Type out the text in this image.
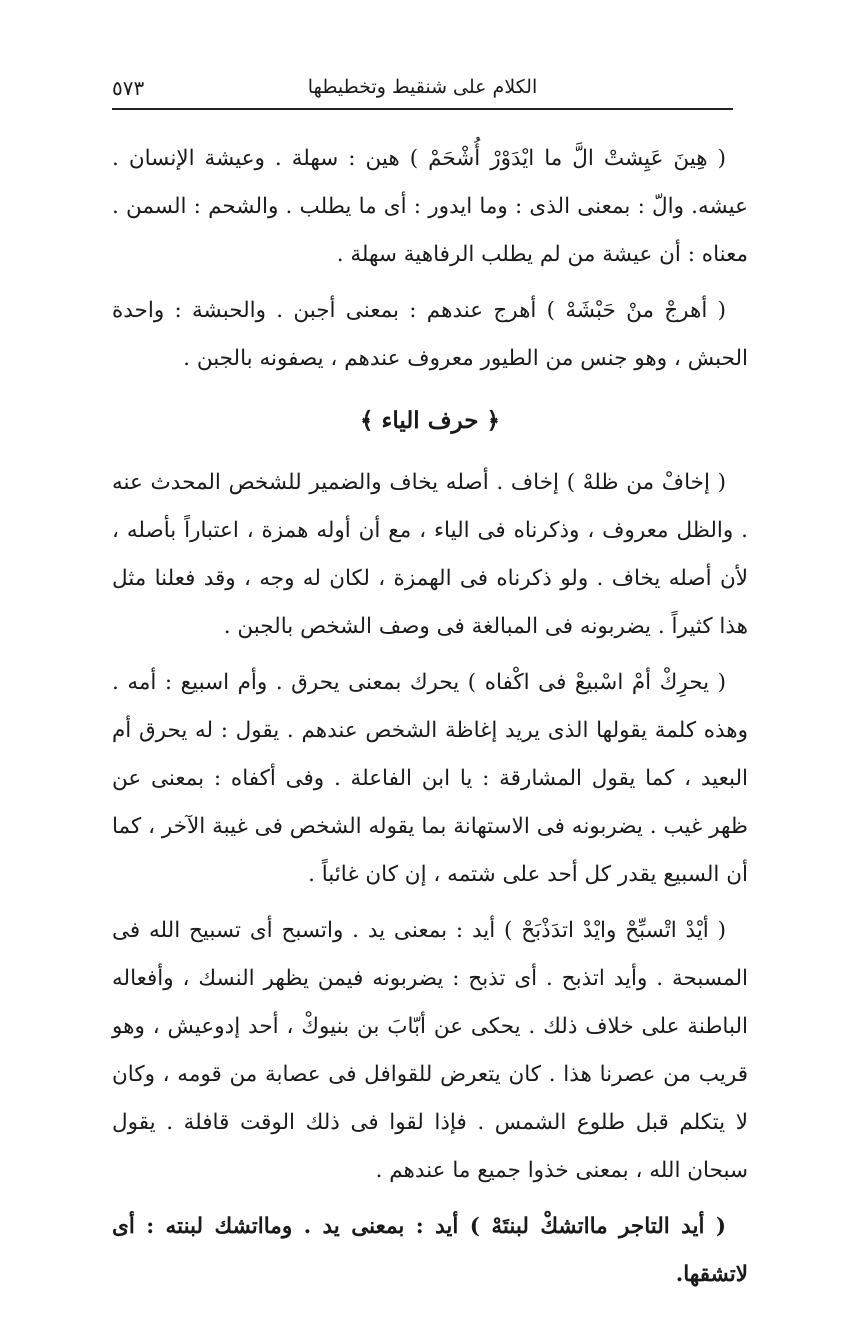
الكلام على شنقيط وتخطيطها
٥٧٣

( هِينَ عَيِشتْ الَّ ما ايْدَوْرْ أُشْحَمْ ) هين : سهلة . وعيشة الإنسان . عيشه. والّ : بمعنى الذى : وما ايدور : أى ما يطلب . والشحم : السمن . معناه : أن عيشة من لم يطلب الرفاهية سهلة .

( أهرجْ منْ حَبْشَهْ ) أهرج عندهم : بمعنى أجبن . والحبشة : واحدة الحبش ، وهو جنس من الطيور معروف عندهم ، يصفونه بالجبن .

﴿ حرف الياء ﴾

( إخافْ من ظلهْ ) إخاف . أصله يخاف والضمير للشخص المحدث عنه . والظل معروف ، وذكرناه فى الياء ، مع أن أوله همزة ، اعتباراً بأصله ، لأن أصله يخاف . ولو ذكرناه فى الهمزة ، لكان له وجه ، وقد فعلنا مثل هذا كثيراً . يضربونه فى المبالغة فى وصف الشخص بالجبن .

( يحرِكْ أمْ اسْبيعْ فى اكْفاه ) يحرك بمعنى يحرق . وأم اسبيع : أمه . وهذه كلمة يقولها الذى يريد إغاظة الشخص عندهم . يقول : له يحرق أم البعيد ، كما يقول المشارقة : يا ابن الفاعلة . وفى أكفاه : بمعنى عن ظهر غيب . يضربونه فى الاستهانة بما يقوله الشخص فى غيبة الآخر ، كما أن السبيع يقدر كل أحد على شتمه ، إن كان غائباً .

( أيْدْ اتْسبِّحْ وايْدْ اتدَذْبَحْ ) أيد : بمعنى يد . واتسبح أى تسبيح الله فى المسبحة . وأيد اتذبح . أى تذبح : يضربونه فيمن يظهر النسك ، وأفعاله الباطنة على خلاف ذلك . يحكى عن أبّابَ بن بنيوكْ ، أحد إدوعيش ، وهو قريب من عصرنا هذا . كان يتعرض للقوافل فى عصابة من قومه ، وكان لا يتكلم قبل طلوع الشمس . فإذا لقوا فى ذلك الوقت قافلة . يقول سبحان الله ، بمعنى خذوا جميع ما عندهم .

( أيد التاجر مااتشكْ لبنتَهْ ) أيد : بمعنى يد . ومااتشك لبنته : أى لاتشقها.
